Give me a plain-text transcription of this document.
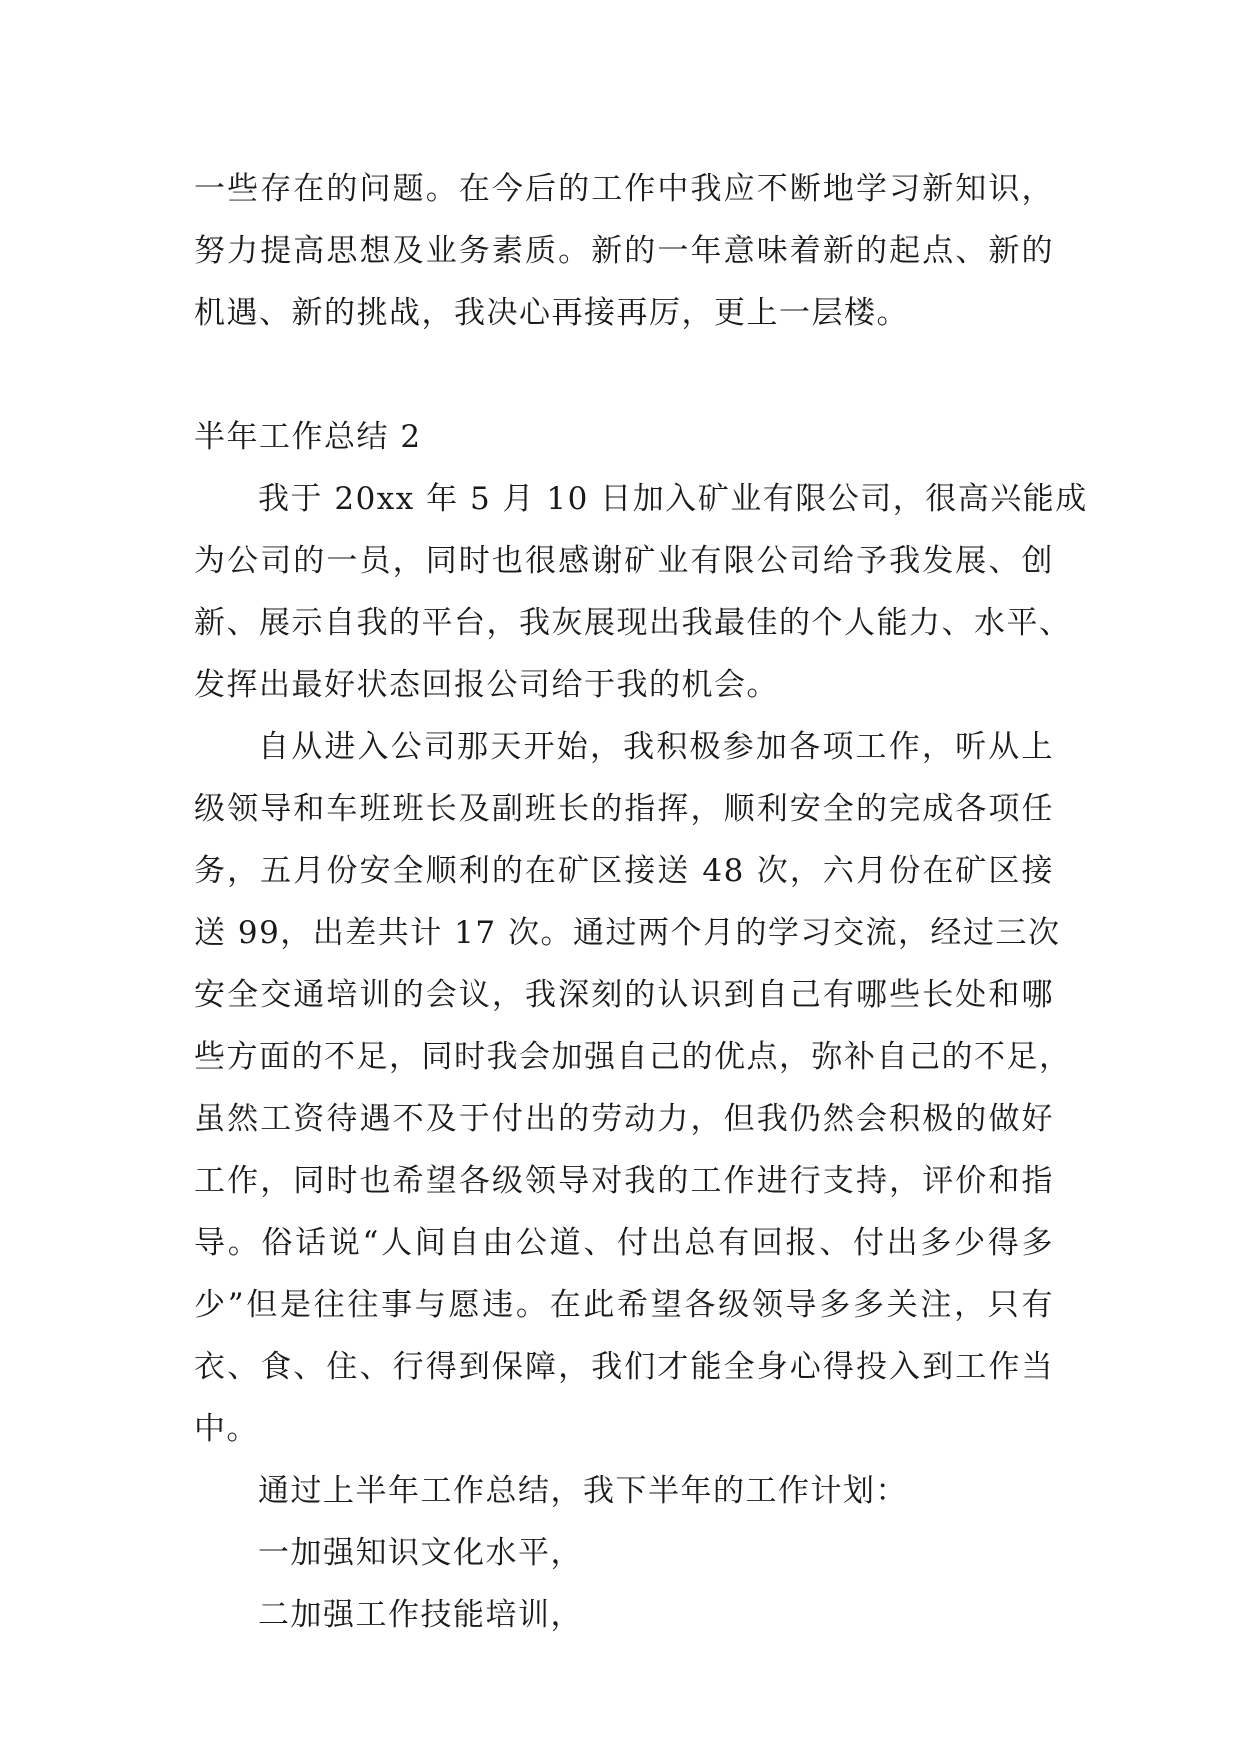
一些存在的问题。在今后的工作中我应不断地学习新知识，
努力提高思想及业务素质。新的一年意味着新的起点、新的
机遇、新的挑战，我决心再接再厉，更上一层楼。
半年工作总结 2
我于 20xx 年 5 月 10 日加入矿业有限公司，很高兴能成
为公司的一员，同时也很感谢矿业有限公司给予我发展、创
新、展示自我的平台，我灰展现出我最佳的个人能力、水平、
发挥出最好状态回报公司给于我的机会。
自从进入公司那天开始，我积极参加各项工作，听从上
级领导和车班班长及副班长的指挥，顺利安全的完成各项任
务，五月份安全顺利的在矿区接送 48 次，六月份在矿区接
送 99，出差共计 17 次。通过两个月的学习交流，经过三次
安全交通培训的会议，我深刻的认识到自己有哪些长处和哪
些方面的不足，同时我会加强自己的优点，弥补自己的不足，
虽然工资待遇不及于付出的劳动力，但我仍然会积极的做好
工作，同时也希望各级领导对我的工作进行支持，评价和指
导。俗话说“人间自由公道、付出总有回报、付出多少得多
少”但是往往事与愿违。在此希望各级领导多多关注，只有
衣、食、住、行得到保障，我们才能全身心得投入到工作当
中。
通过上半年工作总结，我下半年的工作计划：
一加强知识文化水平，
二加强工作技能培训，
